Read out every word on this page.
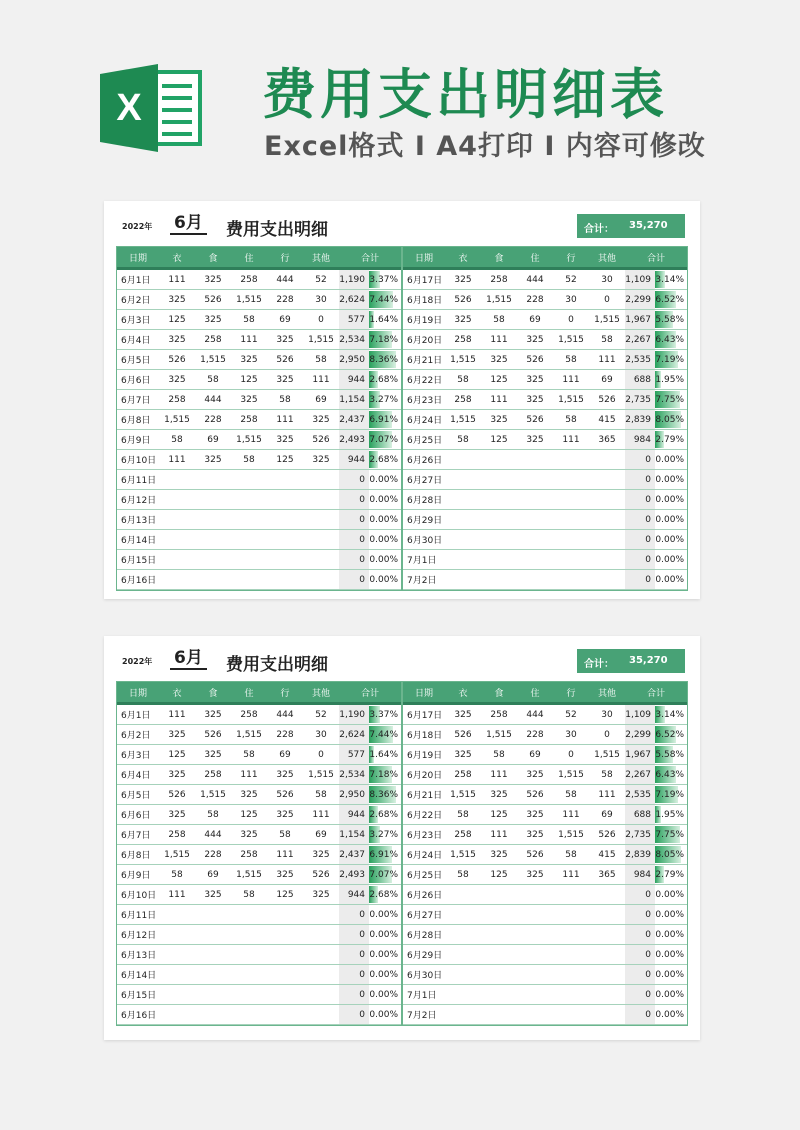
X 费用支出明细表
Excel格式 I A4打印 I 内容可修改
2022年 6月 费用支出明细	合计： 35,270
日期	衣	食	住	行	其他	合计	
6月1日	111	325	258	444	52	1,190	3.37%
6月2日	325	526	1,515	228	30	2,624	7.44%
6月3日	125	325	58	69	0	577	1.64%
6月4日	325	258	111	325	1,515	2,534	7.18%
6月5日	526	1,515	325	526	58	2,950	8.36%
6月6日	325	58	125	325	111	944	2.68%
6月7日	258	444	325	58	69	1,154	3.27%
6月8日	1,515	228	258	111	325	2,437	6.91%
6月9日	58	69	1,515	325	526	2,493	7.07%
6月10日	111	325	58	125	325	944	2.68%
6月11日						0	0.00%
6月12日						0	0.00%
6月13日						0	0.00%
6月14日						0	0.00%
6月15日						0	0.00%
6月16日						0	0.00%
日期	衣	食	住	行	其他	合计	
6月17日	325	258	444	52	30	1,109	3.14%
6月18日	526	1,515	228	30	0	2,299	6.52%
6月19日	325	58	69	0	1,515	1,967	5.58%
6月20日	258	111	325	1,515	58	2,267	6.43%
6月21日	1,515	325	526	58	111	2,535	7.19%
6月22日	58	125	325	111	69	688	1.95%
6月23日	258	111	325	1,515	526	2,735	7.75%
6月24日	1,515	325	526	58	415	2,839	8.05%
6月25日	58	125	325	111	365	984	2.79%
6月26日						0	0.00%
6月27日						0	0.00%
6月28日						0	0.00%
6月29日						0	0.00%
6月30日						0	0.00%
7月1日						0	0.00%
7月2日						0	0.00%
2022年 6月 费用支出明细	合计： 35,270
日期	衣	食	住	行	其他	合计	
6月1日	111	325	258	444	52	1,190	3.37%
6月2日	325	526	1,515	228	30	2,624	7.44%
6月3日	125	325	58	69	0	577	1.64%
6月4日	325	258	111	325	1,515	2,534	7.18%
6月5日	526	1,515	325	526	58	2,950	8.36%
6月6日	325	58	125	325	111	944	2.68%
6月7日	258	444	325	58	69	1,154	3.27%
6月8日	1,515	228	258	111	325	2,437	6.91%
6月9日	58	69	1,515	325	526	2,493	7.07%
6月10日	111	325	58	125	325	944	2.68%
6月11日						0	0.00%
6月12日						0	0.00%
6月13日						0	0.00%
6月14日						0	0.00%
6月15日						0	0.00%
6月16日						0	0.00%
日期	衣	食	住	行	其他	合计	
6月17日	325	258	444	52	30	1,109	3.14%
6月18日	526	1,515	228	30	0	2,299	6.52%
6月19日	325	58	69	0	1,515	1,967	5.58%
6月20日	258	111	325	1,515	58	2,267	6.43%
6月21日	1,515	325	526	58	111	2,535	7.19%
6月22日	58	125	325	111	69	688	1.95%
6月23日	258	111	325	1,515	526	2,735	7.75%
6月24日	1,515	325	526	58	415	2,839	8.05%
6月25日	58	125	325	111	365	984	2.79%
6月26日						0	0.00%
6月27日						0	0.00%
6月28日						0	0.00%
6月29日						0	0.00%
6月30日						0	0.00%
7月1日						0	0.00%
7月2日						0	0.00%
